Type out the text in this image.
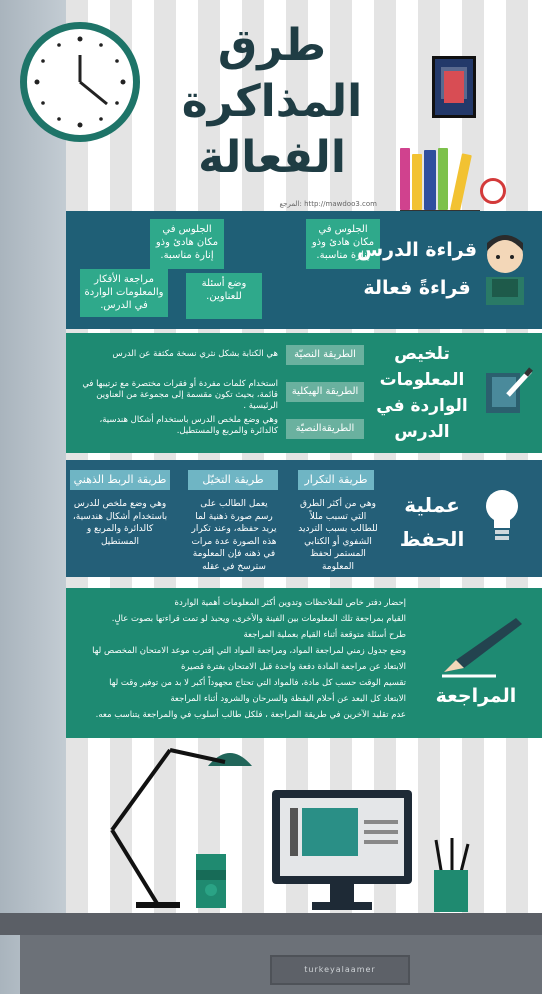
طرق
المذاكرة
الفعالة
المرجع: http://mawdoo3.com
الجلوس في مكان هادئ وذو إنارة مناسبة.
الجلوس في مكان هادئ وذو إنارة مناسبة.
وضع أسئلة للعناوين.
مراجعة الأفكار والمعلومات الواردة في الدرس.
قراءة الدرس قراءةً فعالة
الطريقة النصيّة
الطريقة الهيكلية
الطريقةالنصيّة
هي الكتابة بشكل نثري نسخة مكثفة عن الدرس
استخدام كلمات مفردة أو فقرات مختصرة مع ترتيبها في قائمة، بحيث تكون مقسمة إلى مجموعة من العناوين الرئيسية .
وهي وضع ملخص الدرس باستخدام أشكال هندسية، كالدائرة والمربع والمستطيل.
تلخيص المعلومات الواردة في الدرس
طريقة التكرار
طريقة التخيّل
طريقة الربط الذهني
وهي من أكثر الطرق التي تسبب مللاً للطالب بسبب الترديد الشفوي أو الكتابي المستمر لحفظ المعلومة
يعمل الطالب على رسم صورة ذهنية لما يريد حفظه، وعند تكرار هذه الصورة عدة مرات في ذهنه فإن المعلومة سترسخ في عقله
وهي وضع ملخص للدرس باستخدام أشكال هندسية، كالدائرة والمربع و المستطيل
عملية الحفظ
إحضار دفتر خاص للملاحظات وتدوين أكثر المعلومات أهمية الواردة
القيام بمراجعة تلك المعلومات بين الفينة والأخرى، ويحبذ لو تمت قراءتها بصوت عالٍ.
طرح أسئلة متوقعة أثناء القيام بعملية المراجعة
وضع جدول زمني لمراجعة المواد، ومراجعة المواد التي إقترب موعد الامتحان المخصص لها
الابتعاد عن مراجعة المادة دفعة واحدة قبل الامتحان بفترة قصيرة
تقسيم الوقت حسب كل مادة، فالمواد التي تحتاج مجهوداً أكبر لا بد من توفير وقت لها
الابتعاد كل البعد عن أحلام اليقظة والسرحان والشرود أثناء المراجعة
عدم تقليد الآخرين في طريقة المراجعة ، فلكل طالب أسلوب في والمراجعة يتناسب معه.
المراجعة
turkeyalaamer
